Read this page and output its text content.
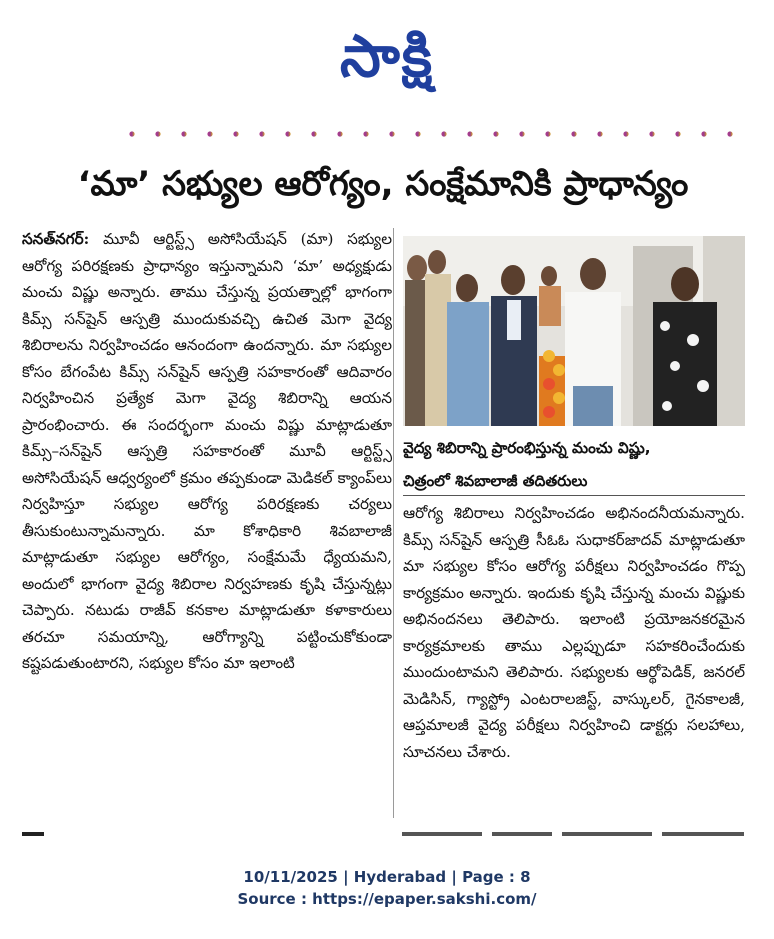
సాక్షి
‘మా’ సభ్యుల ఆరోగ్యం, సంక్షేమానికి ప్రాధాన్యం
సనత్‌నగర్‌: మూవీ ఆర్టిస్ట్స్ అసోసియేషన్ (మా) సభ్యుల ఆరోగ్య పరిరక్షణకు ప్రాధాన్యం ఇస్తున్నామని ‘మా’ అధ్యక్షుడు మంచు విష్ణు అన్నారు. తాము చేస్తున్న ప్రయత్నాల్లో భాగంగా కిమ్స్ సన్‌షైన్ ఆస్పత్రి ముందుకువచ్చి ఉచిత మెగా వైద్య శిబిరాలను నిర్వహించడం ఆనందంగా ఉందన్నారు. మా సభ్యుల కోసం బేగంపేట కిమ్స్ సన్‌షైన్ ఆస్పత్రి సహకారంతో ఆదివారం నిర్వహించిన ప్రత్యేక మెగా వైద్య శిబిరాన్ని ఆయన ప్రారంభించారు. ఈ సందర్భంగా మంచు విష్ణు మాట్లాడుతూ కిమ్స్–సన్‌షైన్ ఆస్పత్రి సహకారంతో మూవీ ఆర్టిస్ట్స్ అసోసియేషన్ ఆధ్వర్యంలో క్రమం తప్పకుండా మెడికల్ క్యాంప్‌లు నిర్వహిస్తూ సభ్యుల ఆరోగ్య పరిరక్షణకు చర్యలు తీసుకుంటున్నామన్నారు. మా కోశాధికారి శివబాలాజీ మాట్లాడుతూ సభ్యుల ఆరోగ్యం, సంక్షేమమే ధ్యేయమని, అందులో భాగంగా వైద్య శిబిరాల నిర్వహణకు కృషి చేస్తున్నట్లు చెప్పారు. నటుడు రాజీవ్ కనకాల మాట్లాడుతూ కళాకారులు తరచూ సమయాన్ని, ఆరోగ్యాన్ని పట్టించుకోకుండా కష్టపడుతుంటారని, సభ్యుల కోసం మా ఇలాంటి
వైద్య శిబిరాన్ని ప్రారంభిస్తున్న మంచు విష్ణు,
చిత్రంలో శివబాలాజీ తదితరులు
ఆరోగ్య శిబిరాలు నిర్వహించడం అభినందనీయమన్నారు. కిమ్స్ సన్‌షైన్ ఆస్పత్రి సీఓఓ సుధాకర్‌జాదవ్ మాట్లాడుతూ మా సభ్యుల కోసం ఆరోగ్య పరీక్షలు నిర్వహించడం గొప్ప కార్యక్రమం అన్నారు. ఇందుకు కృషి చేస్తున్న మంచు విష్ణుకు అభినందనలు తెలిపారు. ఇలాంటి ప్రయోజనకరమైన కార్యక్రమాలకు తాము ఎల్లప్పుడూ సహకరించేందుకు ముందుంటామని తెలిపారు. సభ్యులకు ఆర్థోపెడిక్, జనరల్ మెడిసిన్, గ్యాస్ట్రో ఎంటరాలజిస్ట్, వాస్కులర్, గైనకాలజీ, ఆప్తమాలజీ వైద్య పరీక్షలు నిర్వహించి డాక్టర్లు సలహాలు, సూచనలు చేశారు.
10/11/2025 | Hyderabad | Page : 8
Source : https://epaper.sakshi.com/
